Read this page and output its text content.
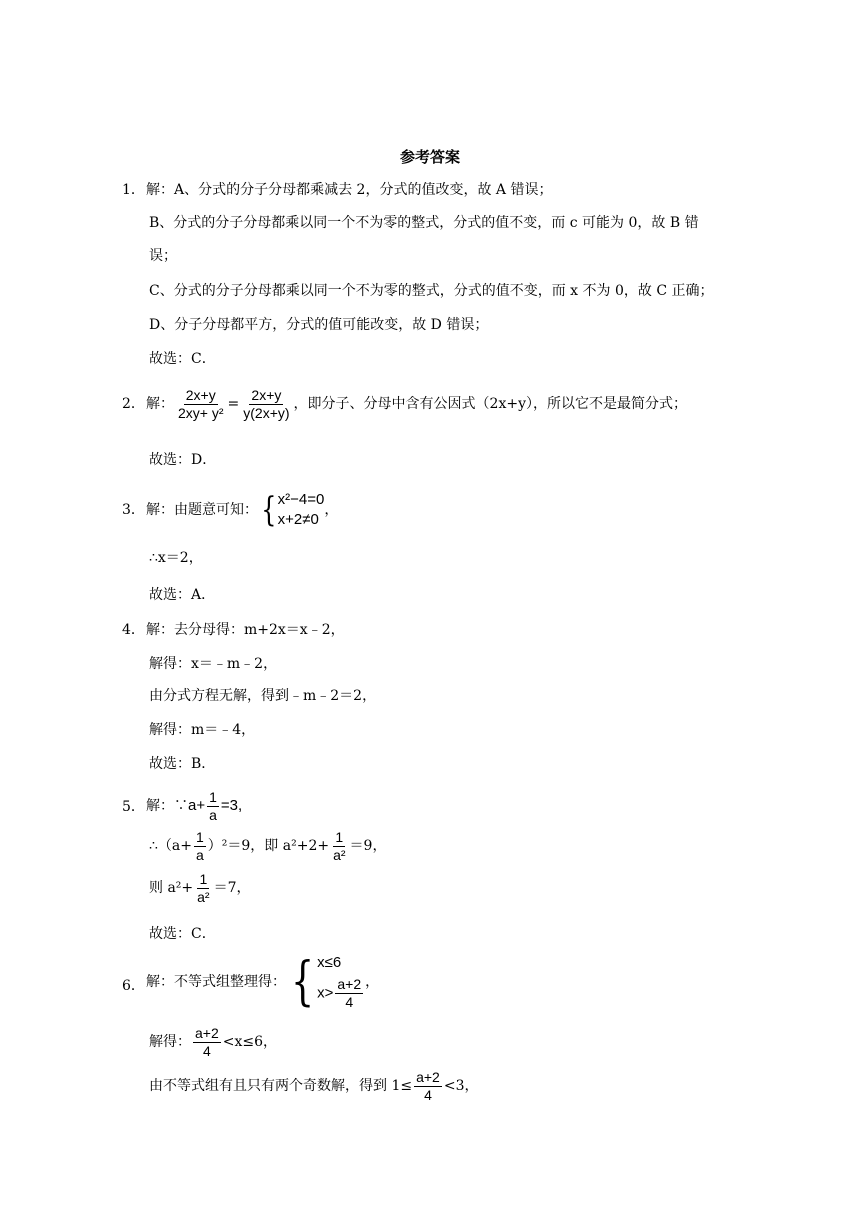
参考答案
1． 解：A、分式的分子分母都乘减去 2，分式的值改变，故 A 错误；
B、分式的分子分母都乘以同一个不为零的整式，分式的值不变，而 c 可能为 0，故 B 错
误；
C、分式的分子分母都乘以同一个不为零的整式，分式的值不变，而 x 不为 0，故 C 正确；
D、分子分母都平方，分式的值可能改变，故 D 错误；
故选：C．
2． 解： $\frac{2x+y}{\text{2xy+ y²}} = \frac{2x+y}{y(2x+y)}$ ，即分子、分母中含有公因式（2x+y），所以它不是最简分式；
故选：D．
3． 解：由题意可知： { x²−4=0
x+2≠0
，
∴x＝2，
故选：A．
4． 解：去分母得：m+2x＝x﹣2，
解得：x＝﹣m﹣2，
由分式方程无解，得到﹣m﹣2＝2，
解得：m＝﹣4，
故选：B．
5． 解：∵a+ $\frac{1}{a} =3$,
∴（a+ $\frac{1}{a} )^2=9$，即 $a^2+2+ \frac{1}{\text{a²}} =9$，
则 $a^2+ \frac{1}{\text{a²}} =7$，
故选：C．
6． 解：不等式组整理得： { x≤6
$x> \frac{a+2}{4}$ ，
解得： $\frac{a+2}{4} <x\le 6$，
由不等式组有且只有两个奇数解，得到 $1\le \frac{a+2}{4} <3$，
